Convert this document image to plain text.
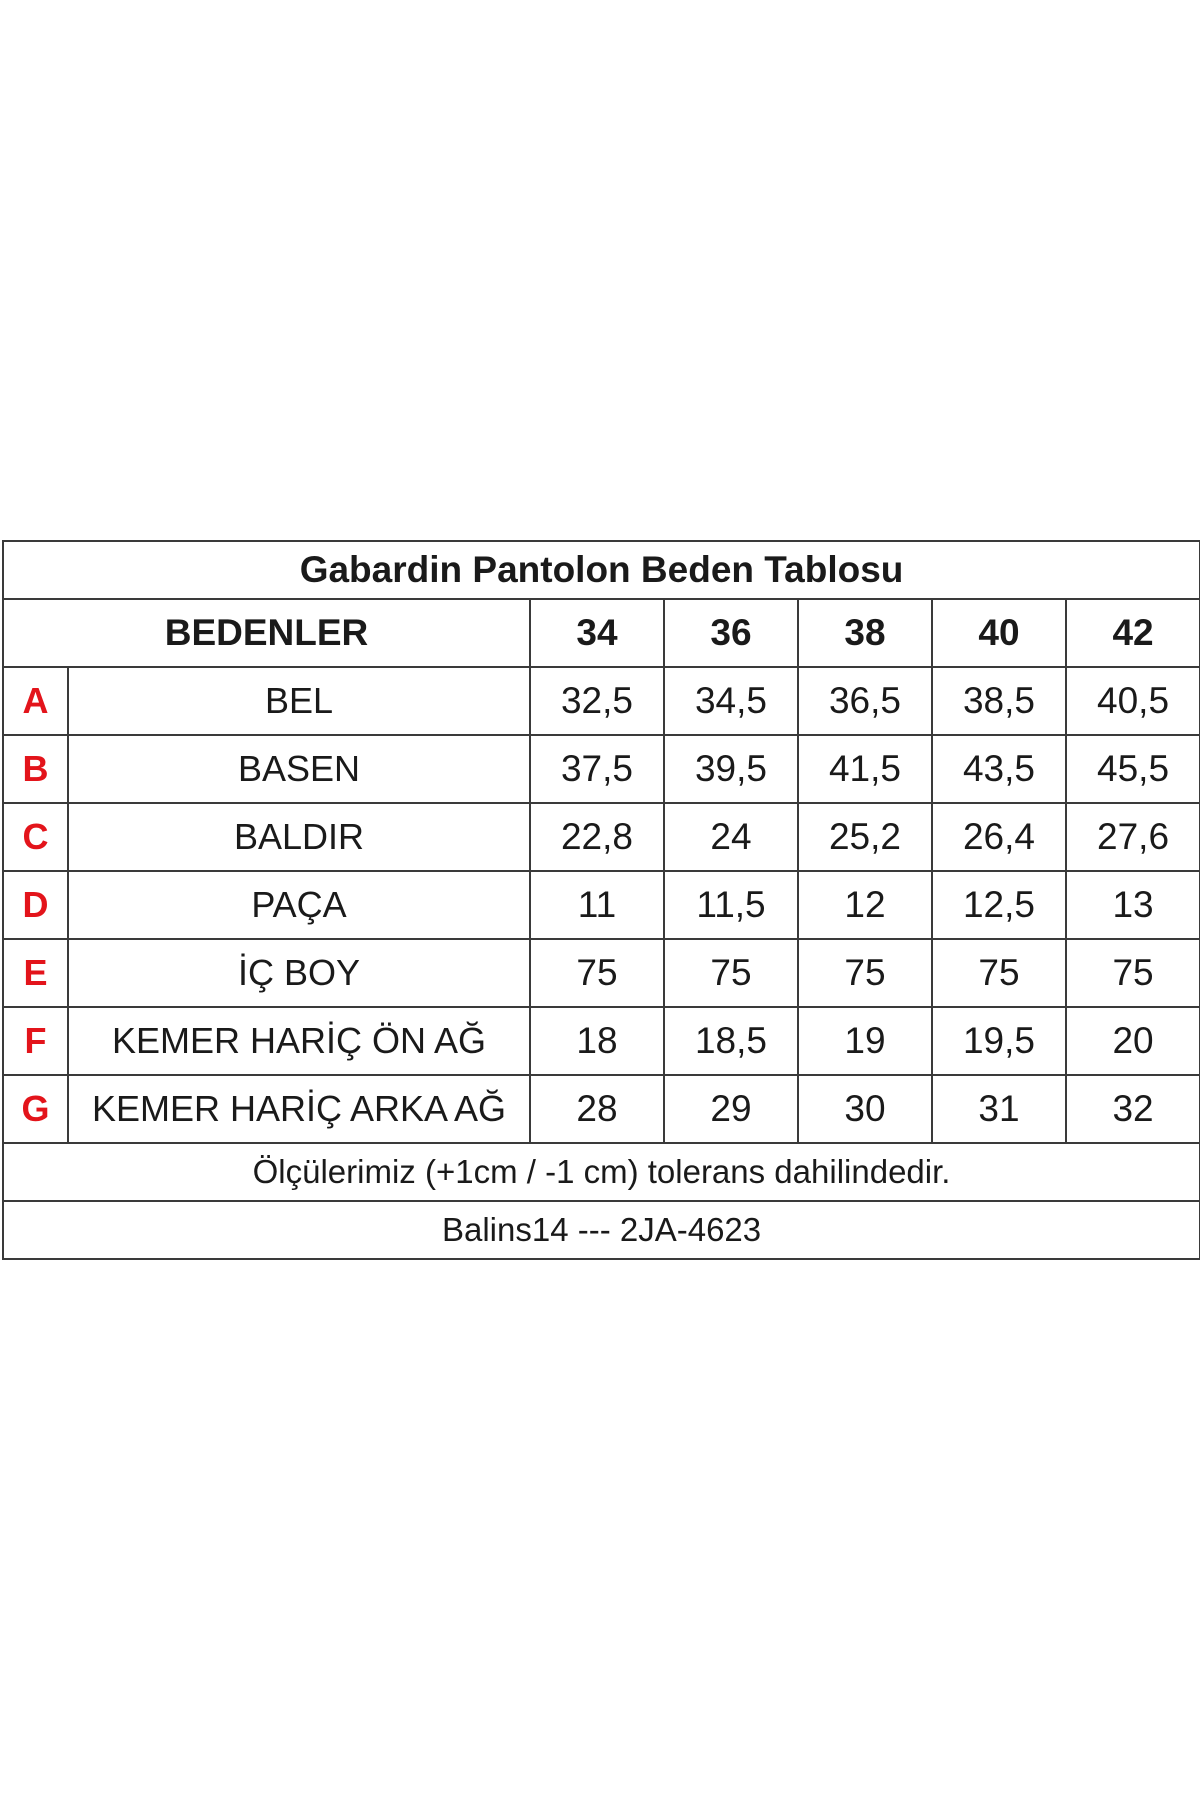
Gabardin Pantolon Beden Tablosu						
BEDENLER		34	36	38	40	42
A	BEL	32,5	34,5	36,5	38,5	40,5
B	BASEN	37,5	39,5	41,5	43,5	45,5
C	BALDIR	22,8	24	25,2	26,4	27,6
D	PAÇA	11	11,5	12	12,5	13
E	İÇ BOY	75	75	75	75	75
F	KEMER HARİÇ ÖN AĞ	18	18,5	19	19,5	20
G	KEMER HARİÇ ARKA AĞ	28	29	30	31	32
Ölçülerimiz (+1cm / -1 cm) tolerans dahilindedir.						
Balins14 --- 2JA-4623						
